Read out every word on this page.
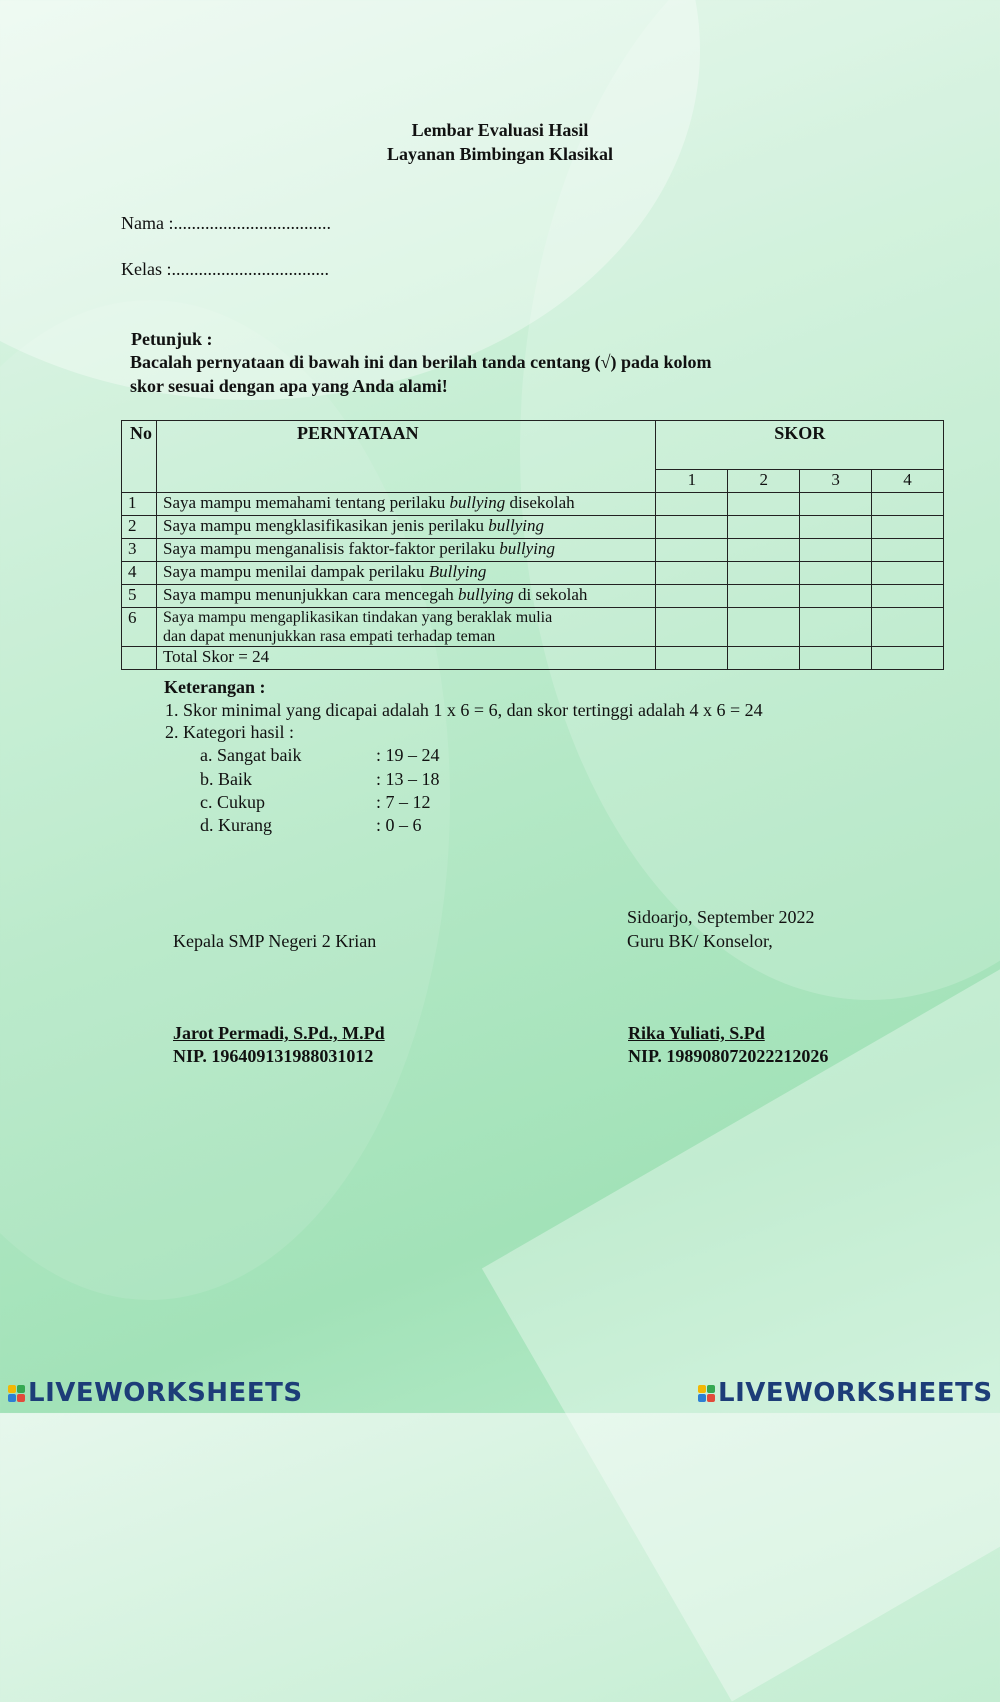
Lembar Evaluasi Hasil
Layanan Bimbingan Klasikal
Nama :...................................
Kelas :...................................
Petunjuk :
Bacalah pernyataan di bawah ini dan berilah tanda centang (√) pada kolom
skor sesuai dengan apa yang Anda alami!
No	PERNYATAAN	SKOR			
		1	2	3	4
1	Saya mampu memahami tentang perilaku bullying disekolah				
2	Saya mampu mengklasifikasikan jenis perilaku bullying				
3	Saya mampu menganalisis faktor-faktor perilaku bullying				
4	Saya mampu menilai dampak perilaku Bullying				
5	Saya mampu menunjukkan cara mencegah bullying di sekolah				
6	Saya mampu mengaplikasikan tindakan yang beraklak mulia
dan dapat menunjukkan rasa empati terhadap teman				

	Total Skor = 24				
Keterangan :
1. Skor minimal yang dicapai adalah 1 x 6 = 6, dan skor tertinggi adalah 4 x 6 = 24
2. Kategori hasil :
a. Sangat baik	: 19 – 24
b. Baik	: 13 – 18
c. Cukup	: 7 – 12
d. Kurang	: 0 – 6
Sidoarjo, September 2022
Kepala SMP Negeri 2 Krian	Guru BK/ Konselor,
Jarot Permadi, S.Pd., M.Pd
NIP. 196409131988031012
Rika Yuliati, S.Pd
NIP. 198908072022212026
LIVEWORKSHEETS	LIVEWORKSHEETS
